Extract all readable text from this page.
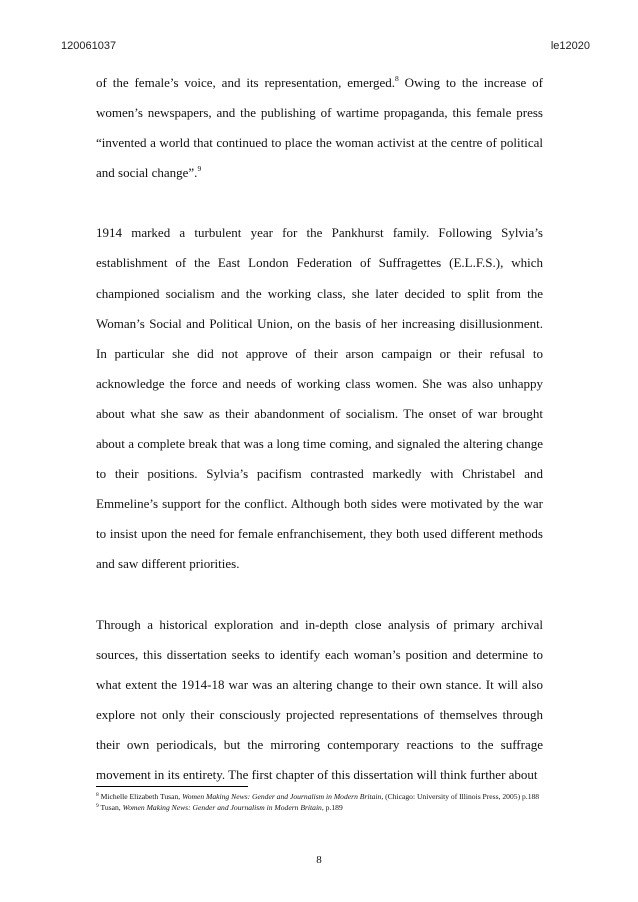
120061037	le12020

of the female’s voice, and its representation, emerged.$^8$ Owing to the increase of women’s newspapers, and the publishing of wartime propaganda, this female press “invented a world that continued to place the woman activist at the centre of political and social change”.$^9$

1914 marked a turbulent year for the Pankhurst family. Following Sylvia’s establishment of the East London Federation of Suffragettes (E.L.F.S.), which championed socialism and the working class, she later decided to split from the Woman’s Social and Political Union, on the basis of her increasing disillusionment. In particular she did not approve of their arson campaign or their refusal to acknowledge the force and needs of working class women. She was also unhappy about what she saw as their abandonment of socialism. The onset of war brought about a complete break that was a long time coming, and signaled the altering change to their positions. Sylvia’s pacifism contrasted markedly with Christabel and Emmeline’s support for the conflict. Although both sides were motivated by the war to insist upon the need for female enfranchisement, they both used different methods and saw different priorities.

Through a historical exploration and in-depth close analysis of primary archival sources, this dissertation seeks to identify each woman’s position and determine to what extent the 1914-18 war was an altering change to their own stance. It will also explore not only their consciously projected representations of themselves through their own periodicals, but the mirroring contemporary reactions to the suffrage movement in its entirety. The first chapter of this dissertation will think further about

$^8$ Michelle Elizabeth Tusan, Women Making News: Gender and Journalism in Modern Britain, (Chicago: University of Illinois Press, 2005) p.188

$^9$ Tusan, Women Making News: Gender and Journalism in Modern Britain, p.189

8
